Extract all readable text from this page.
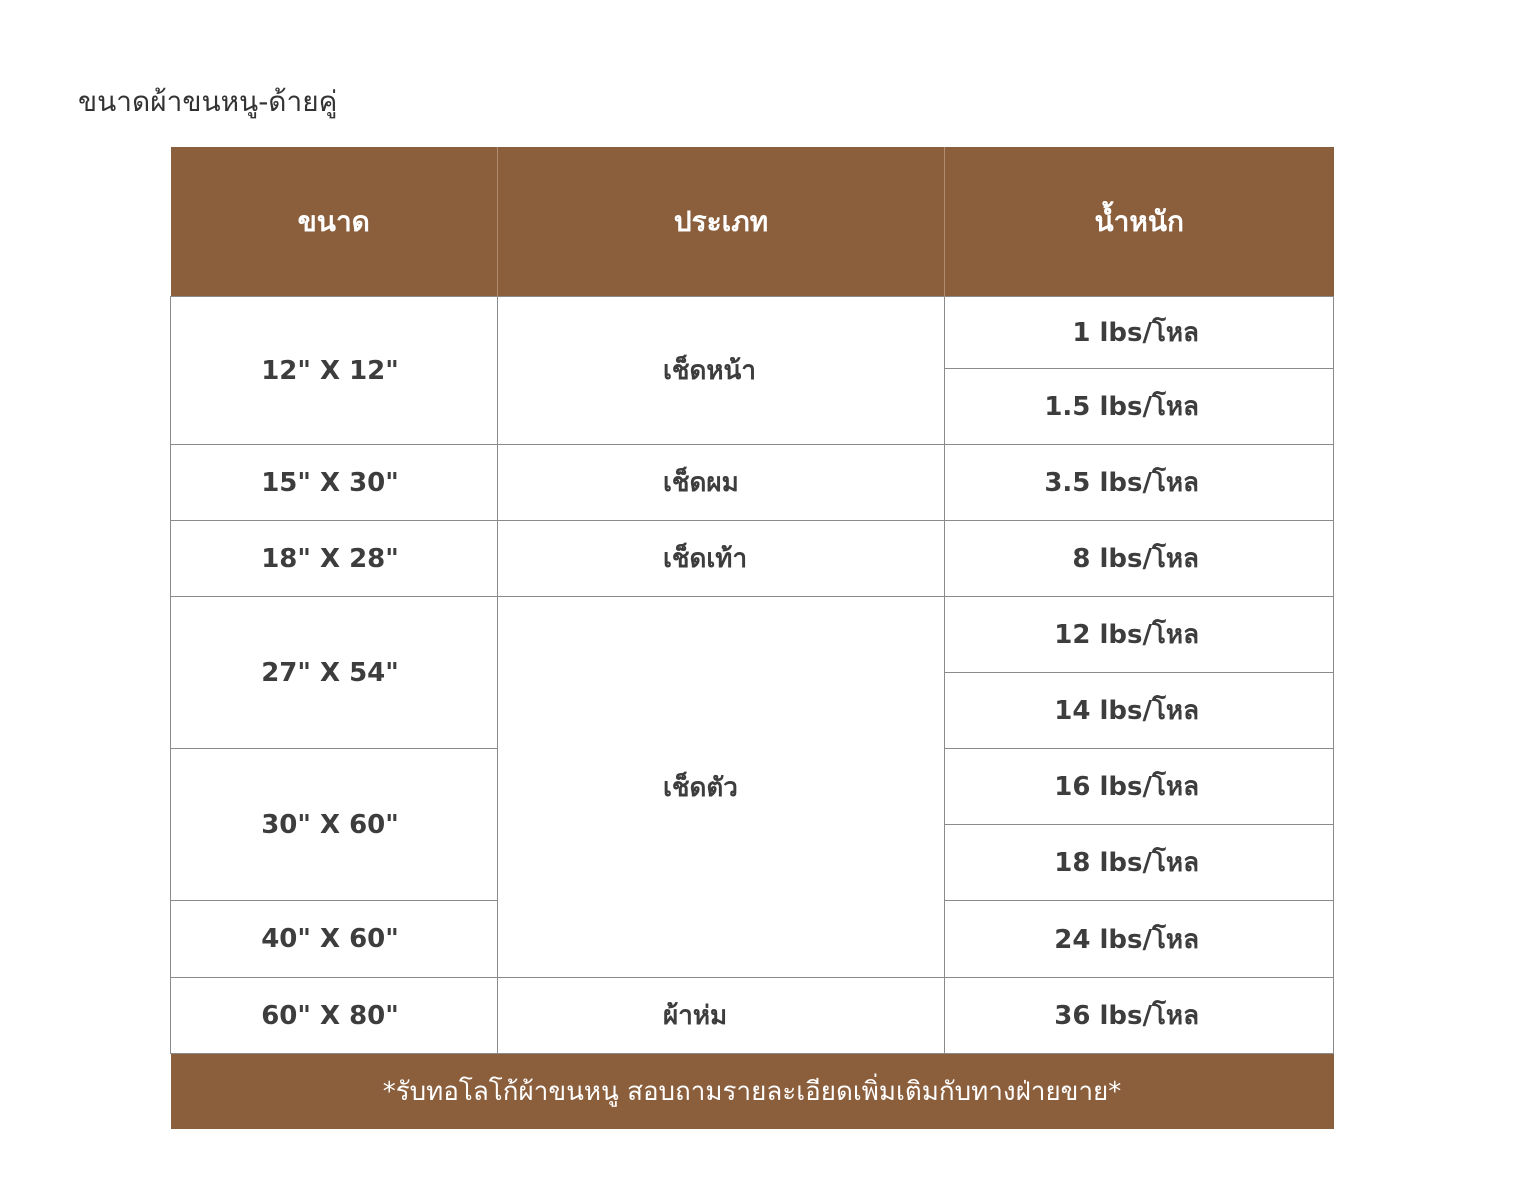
ขนาดผ้าขนหนู-ด้ายคู่
ขนาด	ประเภท	น้ำหนัก
12" X 12"	เช็ดหน้า	1 lbs/โหล
		1.5 lbs/โหล
15" X 30"	เช็ดผม	3.5 lbs/โหล
18" X 28"	เช็ดเท้า	8 lbs/โหล
27" X 54"	เช็ดตัว	12 lbs/โหล
		14 lbs/โหล
30" X 60"		16 lbs/โหล
		18 lbs/โหล
40" X 60"		24 lbs/โหล
60" X 80"	ผ้าห่ม	36 lbs/โหล
*รับทอโลโก้ผ้าขนหนู สอบถามรายละเอียดเพิ่มเติมกับทางฝ่ายขาย*		
